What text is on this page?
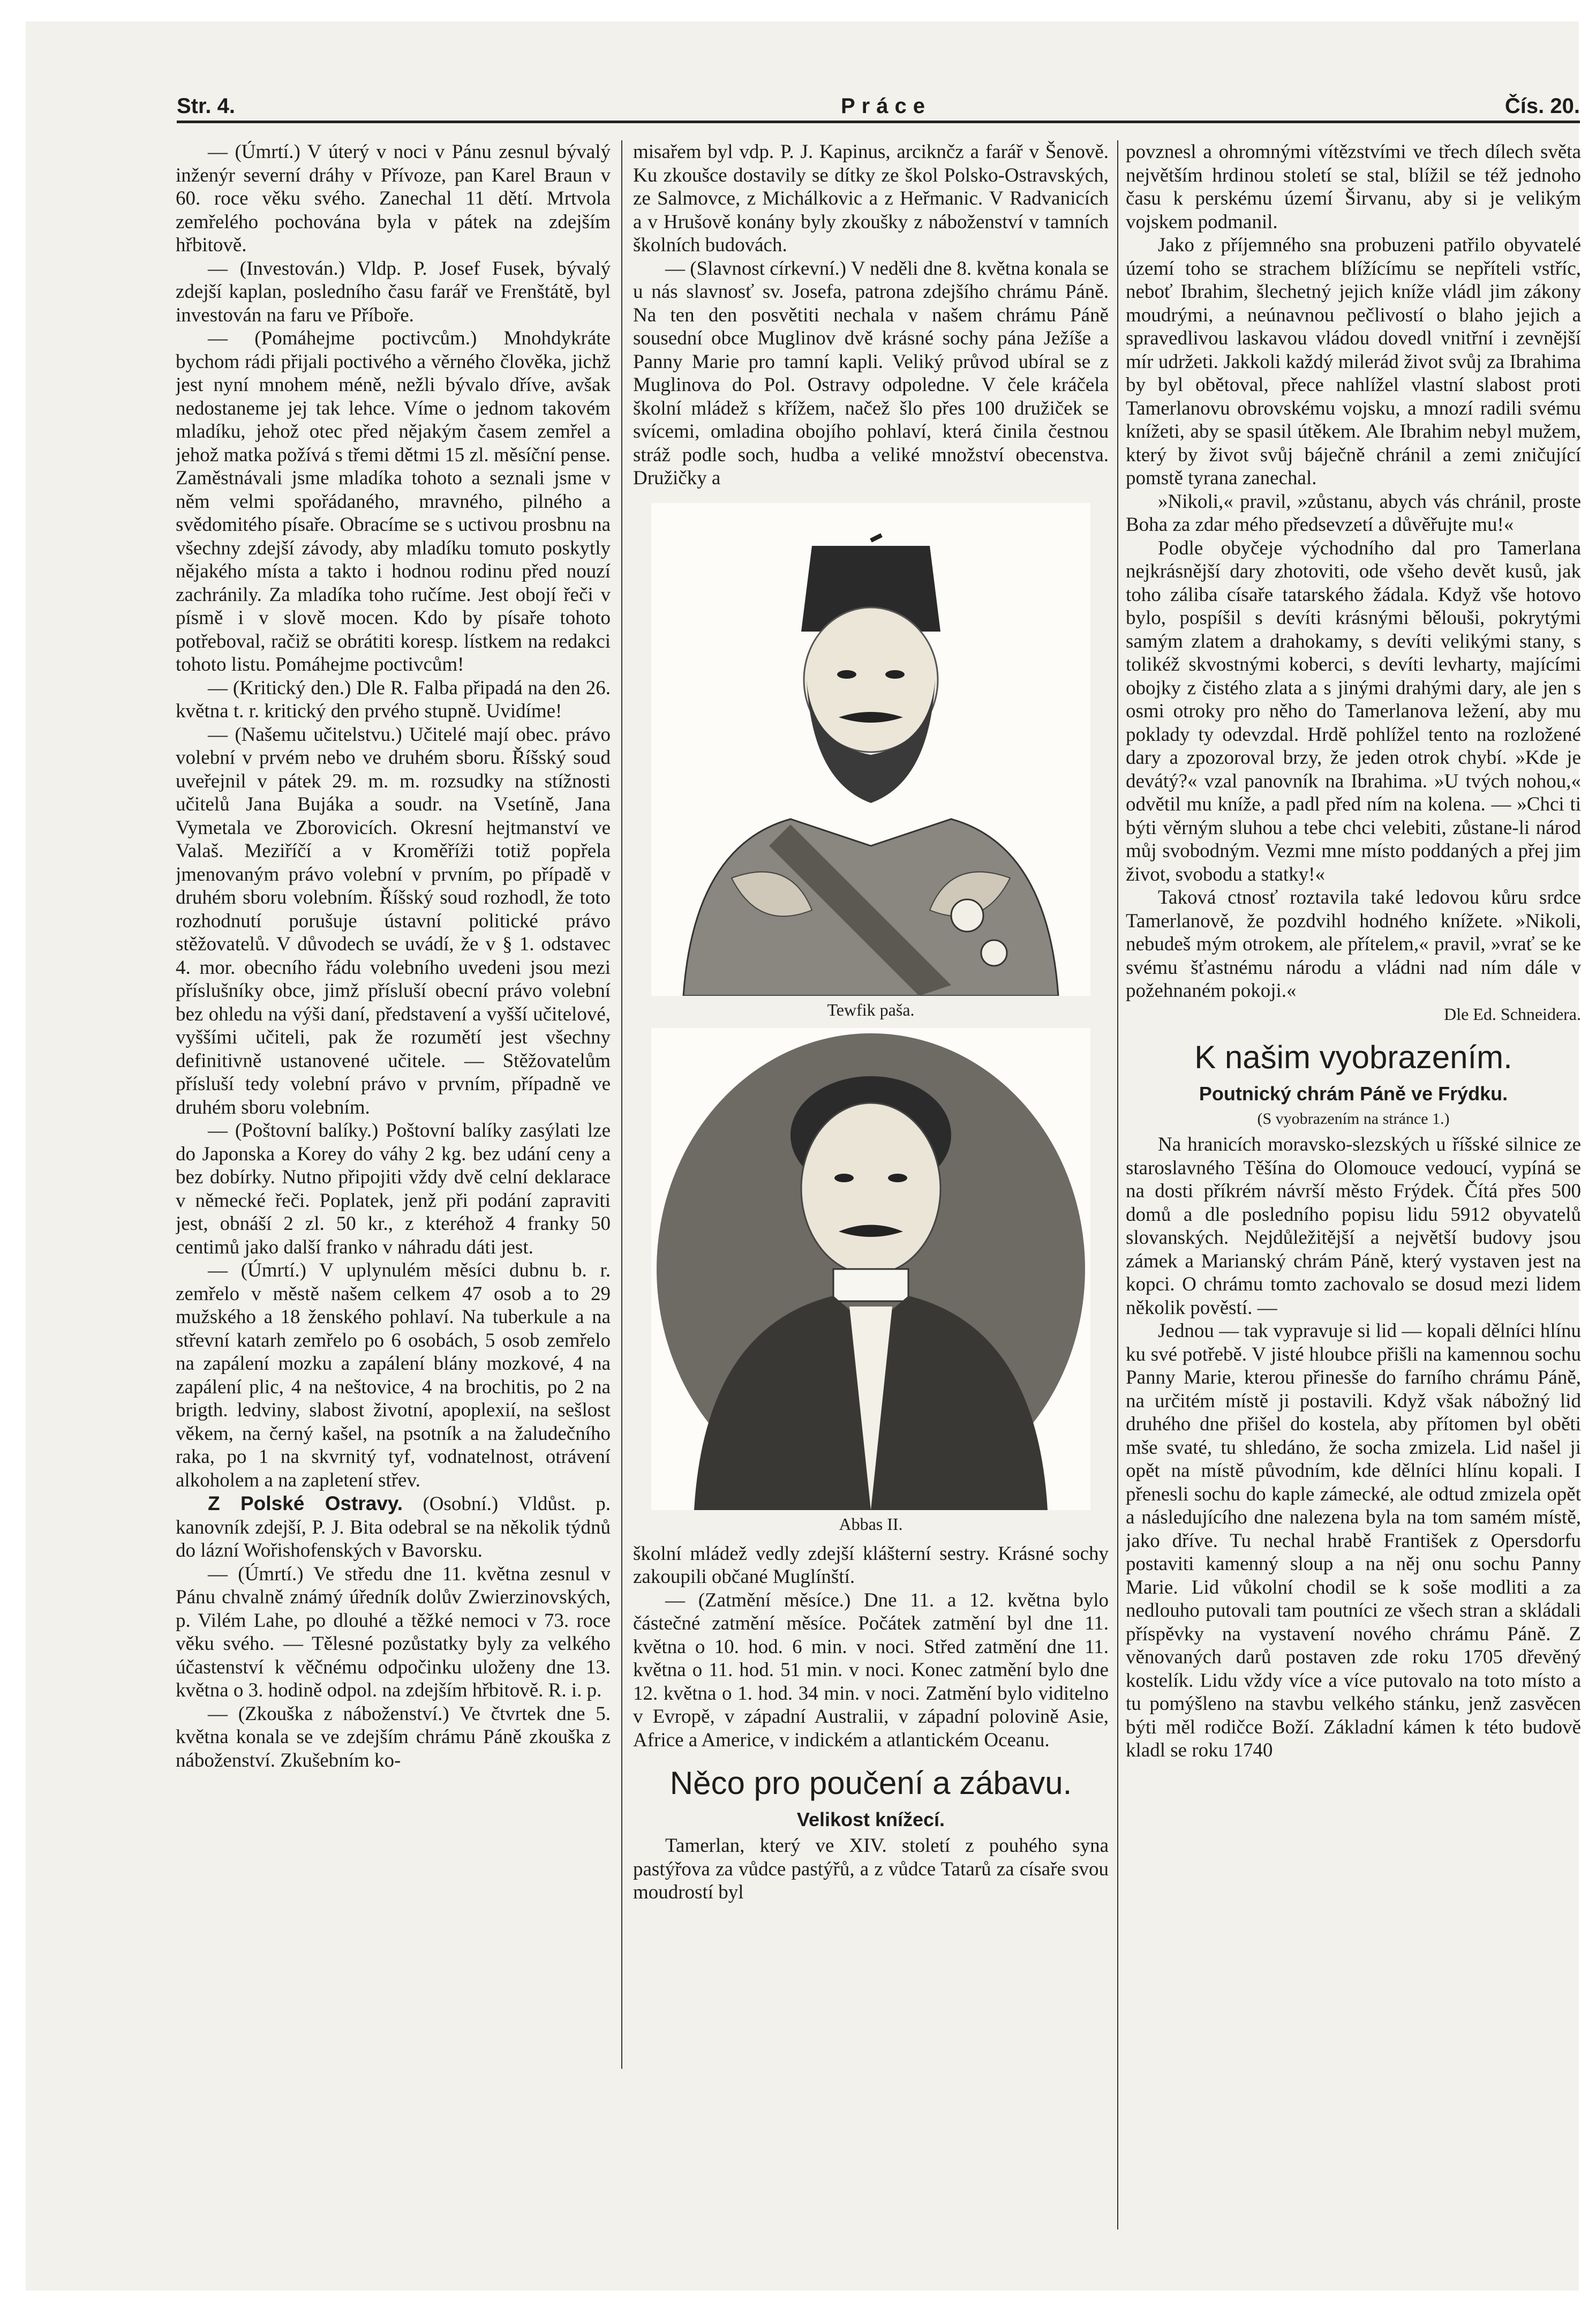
Str. 4.	Práce	Čís. 20.

— (Úmrtí.) V úterý v noci v Pánu zesnul bývalý inženýr severní dráhy v Přívoze, pan Karel Braun v 60. roce věku svého. Zanechal 11 dětí. Mrtvola zemřelého pochována byla v pátek na zdejším hřbitově.

— (Investován.) Vldp. P. Josef Fusek, bývalý zdejší kaplan, posledního času farář ve Frenštátě, byl investován na faru ve Příboře.

— (Pomáhejme poctivcům.) Mnohdykráte bychom rádi přijali poctivého a věrného člověka, jichž jest nyní mnohem méně, nežli bývalo dříve, avšak nedostaneme jej tak lehce. Víme o jednom takovém mladíku, jehož otec před nějakým časem zemřel a jehož matka požívá s třemi dětmi 15 zl. měsíční pense. Zaměstnávali jsme mladíka tohoto a seznali jsme v něm velmi spořádaného, mravného, pilného a svědomitého písaře. Obracíme se s uctivou prosbnu na všechny zdejší závody, aby mladíku tomuto poskytly nějakého místa a takto i hodnou rodinu před nouzí zachránily. Za mladíka toho ručíme. Jest obojí řeči v písmě i v slově mocen. Kdo by písaře tohoto potřeboval, račiž se obrátiti koresp. lístkem na redakci tohoto listu. Pomáhejme poctivcům!

— (Kritický den.) Dle R. Falba připadá na den 26. května t. r. kritický den prvého stupně. Uvidíme!

— (Našemu učitelstvu.) Učitelé mají obec. právo volební v prvém nebo ve druhém sboru. Říšský soud uveřejnil v pátek 29. m. m. rozsudky na stížnosti učitelů Jana Bujáka a soudr. na Vsetíně, Jana Vymetala ve Zborovicích. Okresní hejtmanství ve Valaš. Meziříčí a v Kroměříži totiž popřela jmenovaným právo volební v prvním, po případě v druhém sboru volebním. Říšský soud rozhodl, že toto rozhodnutí porušuje ústavní politické právo stěžovatelů. V důvodech se uvádí, že v § 1. odstavec 4. mor. obecního řádu volebního uvedeni jsou mezi příslušníky obce, jimž přísluší obecní právo volební bez ohledu na výši daní, představení a vyšší učitelové, vyššími učiteli, pak že rozumětí jest všechny definitivně ustanovené učitele. — Stěžovatelům přísluší tedy volební právo v prvním, případně ve druhém sboru volebním.

— (Poštovní balíky.) Poštovní balíky zasýlati lze do Japonska a Korey do váhy 2 kg. bez udání ceny a bez dobírky. Nutno připojiti vždy dvě celní deklarace v německé řeči. Poplatek, jenž při podání zapraviti jest, obnáší 2 zl. 50 kr., z kteréhož 4 franky 50 centimů jako další franko v náhradu dáti jest.

— (Úmrtí.) V uplynulém měsíci dubnu b. r. zemřelo v městě našem celkem 47 osob a to 29 mužského a 18 ženského pohlaví. Na tuberkule a na střevní katarh zemřelo po 6 osobách, 5 osob zemřelo na zapálení mozku a zapálení blány mozkové, 4 na zapálení plic, 4 na neštovice, 4 na brochitis, po 2 na brigth. ledviny, slabost životní, apoplexií, na sešlost věkem, na černý kašel, na psotník a na žaludečního raka, po 1 na skvrnitý tyf, vodnatelnost, otrávení alkoholem a na zapletení střev.

Z Polské Ostravy. (Osobní.) Vldůst. p. kanovník zdejší, P. J. Bita odebral se na několik týdnů do lázní Wořishofenských v Bavorsku.

— (Úmrtí.) Ve středu dne 11. května zesnul v Pánu chvalně známý úředník dolův Zwierzinovských, p. Vilém Lahe, po dlouhé a těžké nemoci v 73. roce věku svého. — Tělesné pozůstatky byly za velkého účastenství k věčnému odpočinku uloženy dne 13. května o 3. hodině odpol. na zdejším hřbitově. R. i. p.

— (Zkouška z náboženství.) Ve čtvrtek dne 5. května konala se ve zdejším chrámu Páně zkouška z náboženství. Zkušebním ko-

misařem byl vdp. P. J. Kapinus, arciknčz a farář v Šenově. Ku zkoušce dostavily se dítky ze škol Polsko-Ostravských, ze Salmovce, z Michálkovic a z Heřmanic. V Radvanicích a v Hrušově konány byly zkoušky z náboženství v tamních školních budovách.

— (Slavnost církevní.) V neděli dne 8. května konala se u nás slavnosť sv. Josefa, patrona zdejšího chrámu Páně. Na ten den posvětiti nechala v našem chrámu Páně sousední obce Muglinov dvě krásné sochy pána Ježíše a Panny Marie pro tamní kapli. Veliký průvod ubíral se z Muglinova do Pol. Ostravy odpoledne. V čele kráčela školní mládež s křížem, načež šlo přes 100 družiček se svícemi, omladina obojího pohlaví, která činila čestnou stráž podle soch, hudba a veliké množství obecenstva. Družičky a

Tewfik paša.
Abbas II.

školní mládež vedly zdejší klášterní sestry. Krásné sochy zakoupili občané Muglínští.

— (Zatmění měsíce.) Dne 11. a 12. května bylo částečné zatmění měsíce. Počátek zatmění byl dne 11. května o 10. hod. 6 min. v noci. Střed zatmění dne 11. května o 11. hod. 51 min. v noci. Konec zatmění bylo dne 12. května o 1. hod. 34 min. v noci. Zatmění bylo viditelno v Evropě, v západní Australii, v západní polovině Asie, Africe a Americe, v indickém a atlantickém Oceanu.

Něco pro poučení a zábavu.
Velikost knížecí.

Tamerlan, který ve XIV. století z pouhého syna pastýřova za vůdce pastýřů, a z vůdce Tatarů za císaře svou moudrostí byl

povznesl a ohromnými vítězstvími ve třech dílech světa největším hrdinou století se stal, blížil se též jednoho času k perskému území Širvanu, aby si je velikým vojskem podmanil.

Jako z příjemného sna probuzeni patřilo obyvatelé území toho se strachem blížícímu se nepříteli vstříc, neboť Ibrahim, šlechetný jejich kníže vládl jim zákony moudrými, a neúnavnou pečlivostí o blaho jejich a spravedlivou laskavou vládou dovedl vnitřní i zevnější mír udržeti. Jakkoli každý milerád život svůj za Ibrahima by byl obětoval, přece nahlížel vlastní slabost proti Tamerlanovu obrovskému vojsku, a mnozí radili svému knížeti, aby se spasil útěkem. Ale Ibrahim nebyl mužem, který by život svůj báječně chránil a zemi zničující pomstě tyrana zanechal.

»Nikoli,« pravil, »zůstanu, abych vás chránil, proste Boha za zdar mého předsevzetí a důvěřujte mu!«

Podle obyčeje východního dal pro Tamerlana nejkrásnější dary zhotoviti, ode všeho devět kusů, jak toho záliba císaře tatarského žádala. Když vše hotovo bylo, pospíšil s devíti krásnými bělouši, pokrytými samým zlatem a drahokamy, s devíti velikými stany, s tolikéž skvostnými koberci, s devíti levharty, majícími obojky z čistého zlata a s jinými drahými dary, ale jen s osmi otroky pro něho do Tamerlanova ležení, aby mu poklady ty odevzdal. Hrdě pohlížel tento na rozložené dary a zpozoroval brzy, že jeden otrok chybí. »Kde je devátý?« vzal panovník na Ibrahima. »U tvých nohou,« odvětil mu kníže, a padl před ním na kolena. — »Chci ti býti věrným sluhou a tebe chci velebiti, zůstane-li národ můj svobodným. Vezmi mne místo poddaných a přej jim život, svobodu a statky!«

Taková ctnosť roztavila také ledovou kůru srdce Tamerlanově, že pozdvihl hodného knížete. »Nikoli, nebudeš mým otrokem, ale přítelem,« pravil, »vrať se ke svému šťastnému národu a vládni nad ním dále v požehnaném pokoji.«

Dle Ed. Schneidera.

K našim vyobrazením.
Poutnický chrám Páně ve Frýdku.
(S vyobrazením na stránce 1.)

Na hranicích moravsko-slezských u říšské silnice ze staroslavného Těšína do Olomouce vedoucí, vypíná se na dosti příkrém návrší město Frýdek. Čítá přes 500 domů a dle posledního popisu lidu 5912 obyvatelů slovanských. Nejdůležitější a největší budovy jsou zámek a Marianský chrám Páně, který vystaven jest na kopci. O chrámu tomto zachovalo se dosud mezi lidem několik pověstí. —

Jednou — tak vypravuje si lid — kopali dělníci hlínu ku své potřebě. V jisté hloubce přišli na kamennou sochu Panny Marie, kterou přinesše do farního chrámu Páně, na určitém místě ji postavili. Když však nábožný lid druhého dne přišel do kostela, aby přítomen byl oběti mše svaté, tu shledáno, že socha zmizela. Lid našel ji opět na místě původním, kde dělníci hlínu kopali. I přenesli sochu do kaple zámecké, ale odtud zmizela opět a následujícího dne nalezena byla na tom samém místě, jako dříve. Tu nechal hrabě František z Opersdorfu postaviti kamenný sloup a na něj onu sochu Panny Marie. Lid vůkolní chodil se k soše modliti a za nedlouho putovali tam poutníci ze všech stran a skládali příspěvky na vystavení nového chrámu Páně. Z věnovaných darů postaven zde roku 1705 dřevěný kostelík. Lidu vždy více a více putovalo na toto místo a tu pomýšleno na stavbu velkého stánku, jenž zasvěcen býti měl rodičce Boží. Základní kámen k této budově kladl se roku 1740
